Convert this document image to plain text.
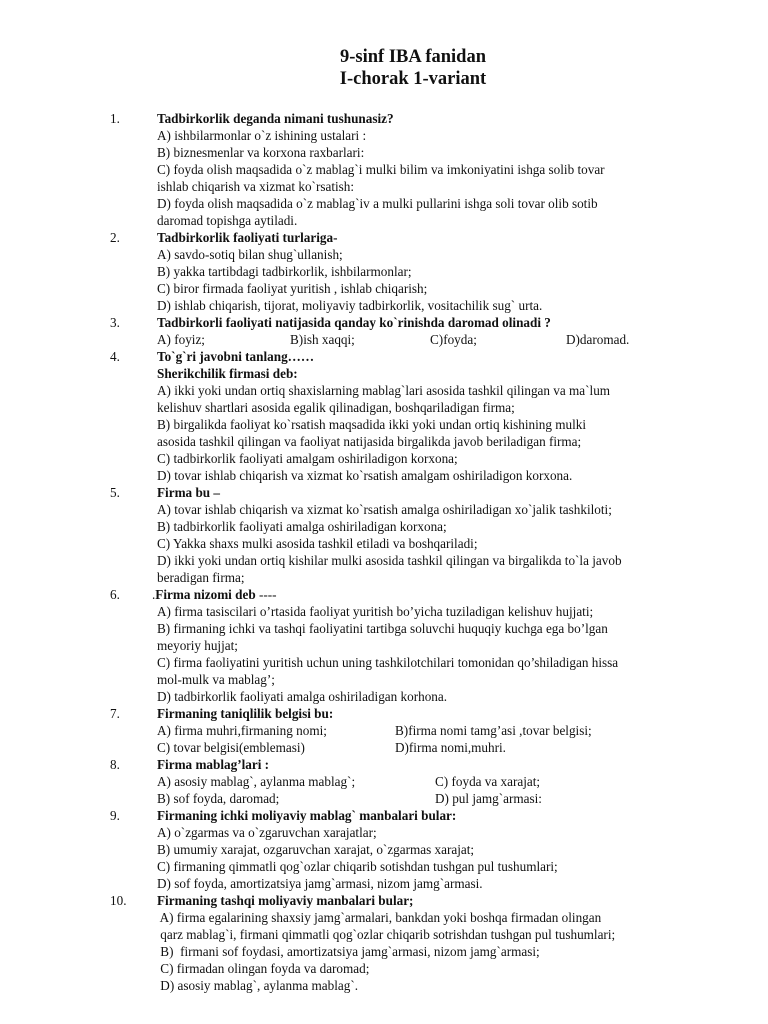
9-sinf IBA fanidan
I-chorak 1-variant
1.	Tadbirkorlik deganda nimani tushunasiz?
A) ishbilarmonlar o`z ishining ustalari :
B) biznesmenlar va korxona raxbarlari:
C) foyda olish maqsadida o`z mablag`i mulki bilim va imkoniyatini ishga solib tovar
ishlab chiqarish va xizmat ko`rsatish:
D) foyda olish maqsadida o`z mablag`iv a mulki pullarini ishga soli tovar olib sotib
daromad topishga aytiladi.
2.	Tadbirkorlik faoliyati turlariga-
A) savdo-sotiq bilan shug`ullanish;
B) yakka tartibdagi tadbirkorlik, ishbilarmonlar;
C) biror firmada faoliyat yuritish , ishlab chiqarish;
D) ishlab chiqarish, tijorat, moliyaviy tadbirkorlik, vositachilik sug` urta.
3.	Tadbirkorli faoliyati natijasida qanday ko`rinishda daromad olinadi ?
A) foyiz;	B)ish xaqqi;	C)foyda;	D)daromad.
4.	To`g`ri javobni tanlang……
Sherikchilik firmasi deb:
A) ikki yoki undan ortiq shaxislarning mablag`lari asosida tashkil qilingan va ma`lum
kelishuv shartlari asosida egalik qilinadigan, boshqariladigan firma;
B) birgalikda faoliyat ko`rsatish maqsadida ikki yoki undan ortiq kishining mulki
asosida tashkil qilingan va faoliyat natijasida birgalikda javob beriladigan firma;
C) tadbirkorlik faoliyati amalgam oshiriladigon korxona;
D) tovar ishlab chiqarish va xizmat ko`rsatish amalgam oshiriladigon korxona.
5.	Firma bu –
A) tovar ishlab chiqarish va xizmat ko`rsatish amalga oshiriladigan xo`jalik tashkiloti;
B) tadbirkorlik faoliyati amalga oshiriladigan korxona;
C) Yakka shaxs mulki asosida tashkil etiladi va boshqariladi;
D) ikki yoki undan ortiq kishilar mulki asosida tashkil qilingan va birgalikda to`la javob
beradigan firma;
6. .Firma nizomi deb ----
A) firma tasiscilari o’rtasida faoliyat yuritish bo’yicha tuziladigan kelishuv hujjati;
B) firmaning ichki va tashqi faoliyatini tartibga soluvchi huquqiy kuchga ega bo’lgan
meyoriy hujjat;
C) firma faoliyatini yuritish uchun uning tashkilotchilari tomonidan qo’shiladigan hissa
mol-mulk va mablag’;
D) tadbirkorlik faoliyati amalga oshiriladigan korhona.
7.	Firmaning taniqlilik belgisi bu:
A) firma muhri,firmaning nomi;	B)firma nomi tamg’asi ,tovar belgisi;
C) tovar belgisi(emblemasi)	D)firma nomi,muhri.
8.	Firma mablag’lari :
A) asosiy mablag`, aylanma mablag`;	C) foyda va xarajat;
B) sof foyda, daromad;	D) pul jamg`armasi:
9.	Firmaning ichki moliyaviy mablag` manbalari bular:
A) o`zgarmas va o`zgaruvchan xarajatlar;
B) umumiy xarajat, ozgaruvchan xarajat, o`zgarmas xarajat;
C) firmaning qimmatli qog`ozlar chiqarib sotishdan tushgan pul tushumlari;
D) sof foyda, amortizatsiya jamg`armasi, nizom jamg`armasi.
10. Firmaning tashqi moliyaviy manbalari bular;
A) firma egalarining shaxsiy jamg`armalari, bankdan yoki boshqa firmadan olingan
qarz mablag`i, firmani qimmatli qog`ozlar chiqarib sotrishdan tushgan pul tushumlari;
B)  firmani sof foydasi, amortizatsiya jamg`armasi, nizom jamg`armasi;
C) firmadan olingan foyda va daromad;
D) asosiy mablag`, aylanma mablag`.
